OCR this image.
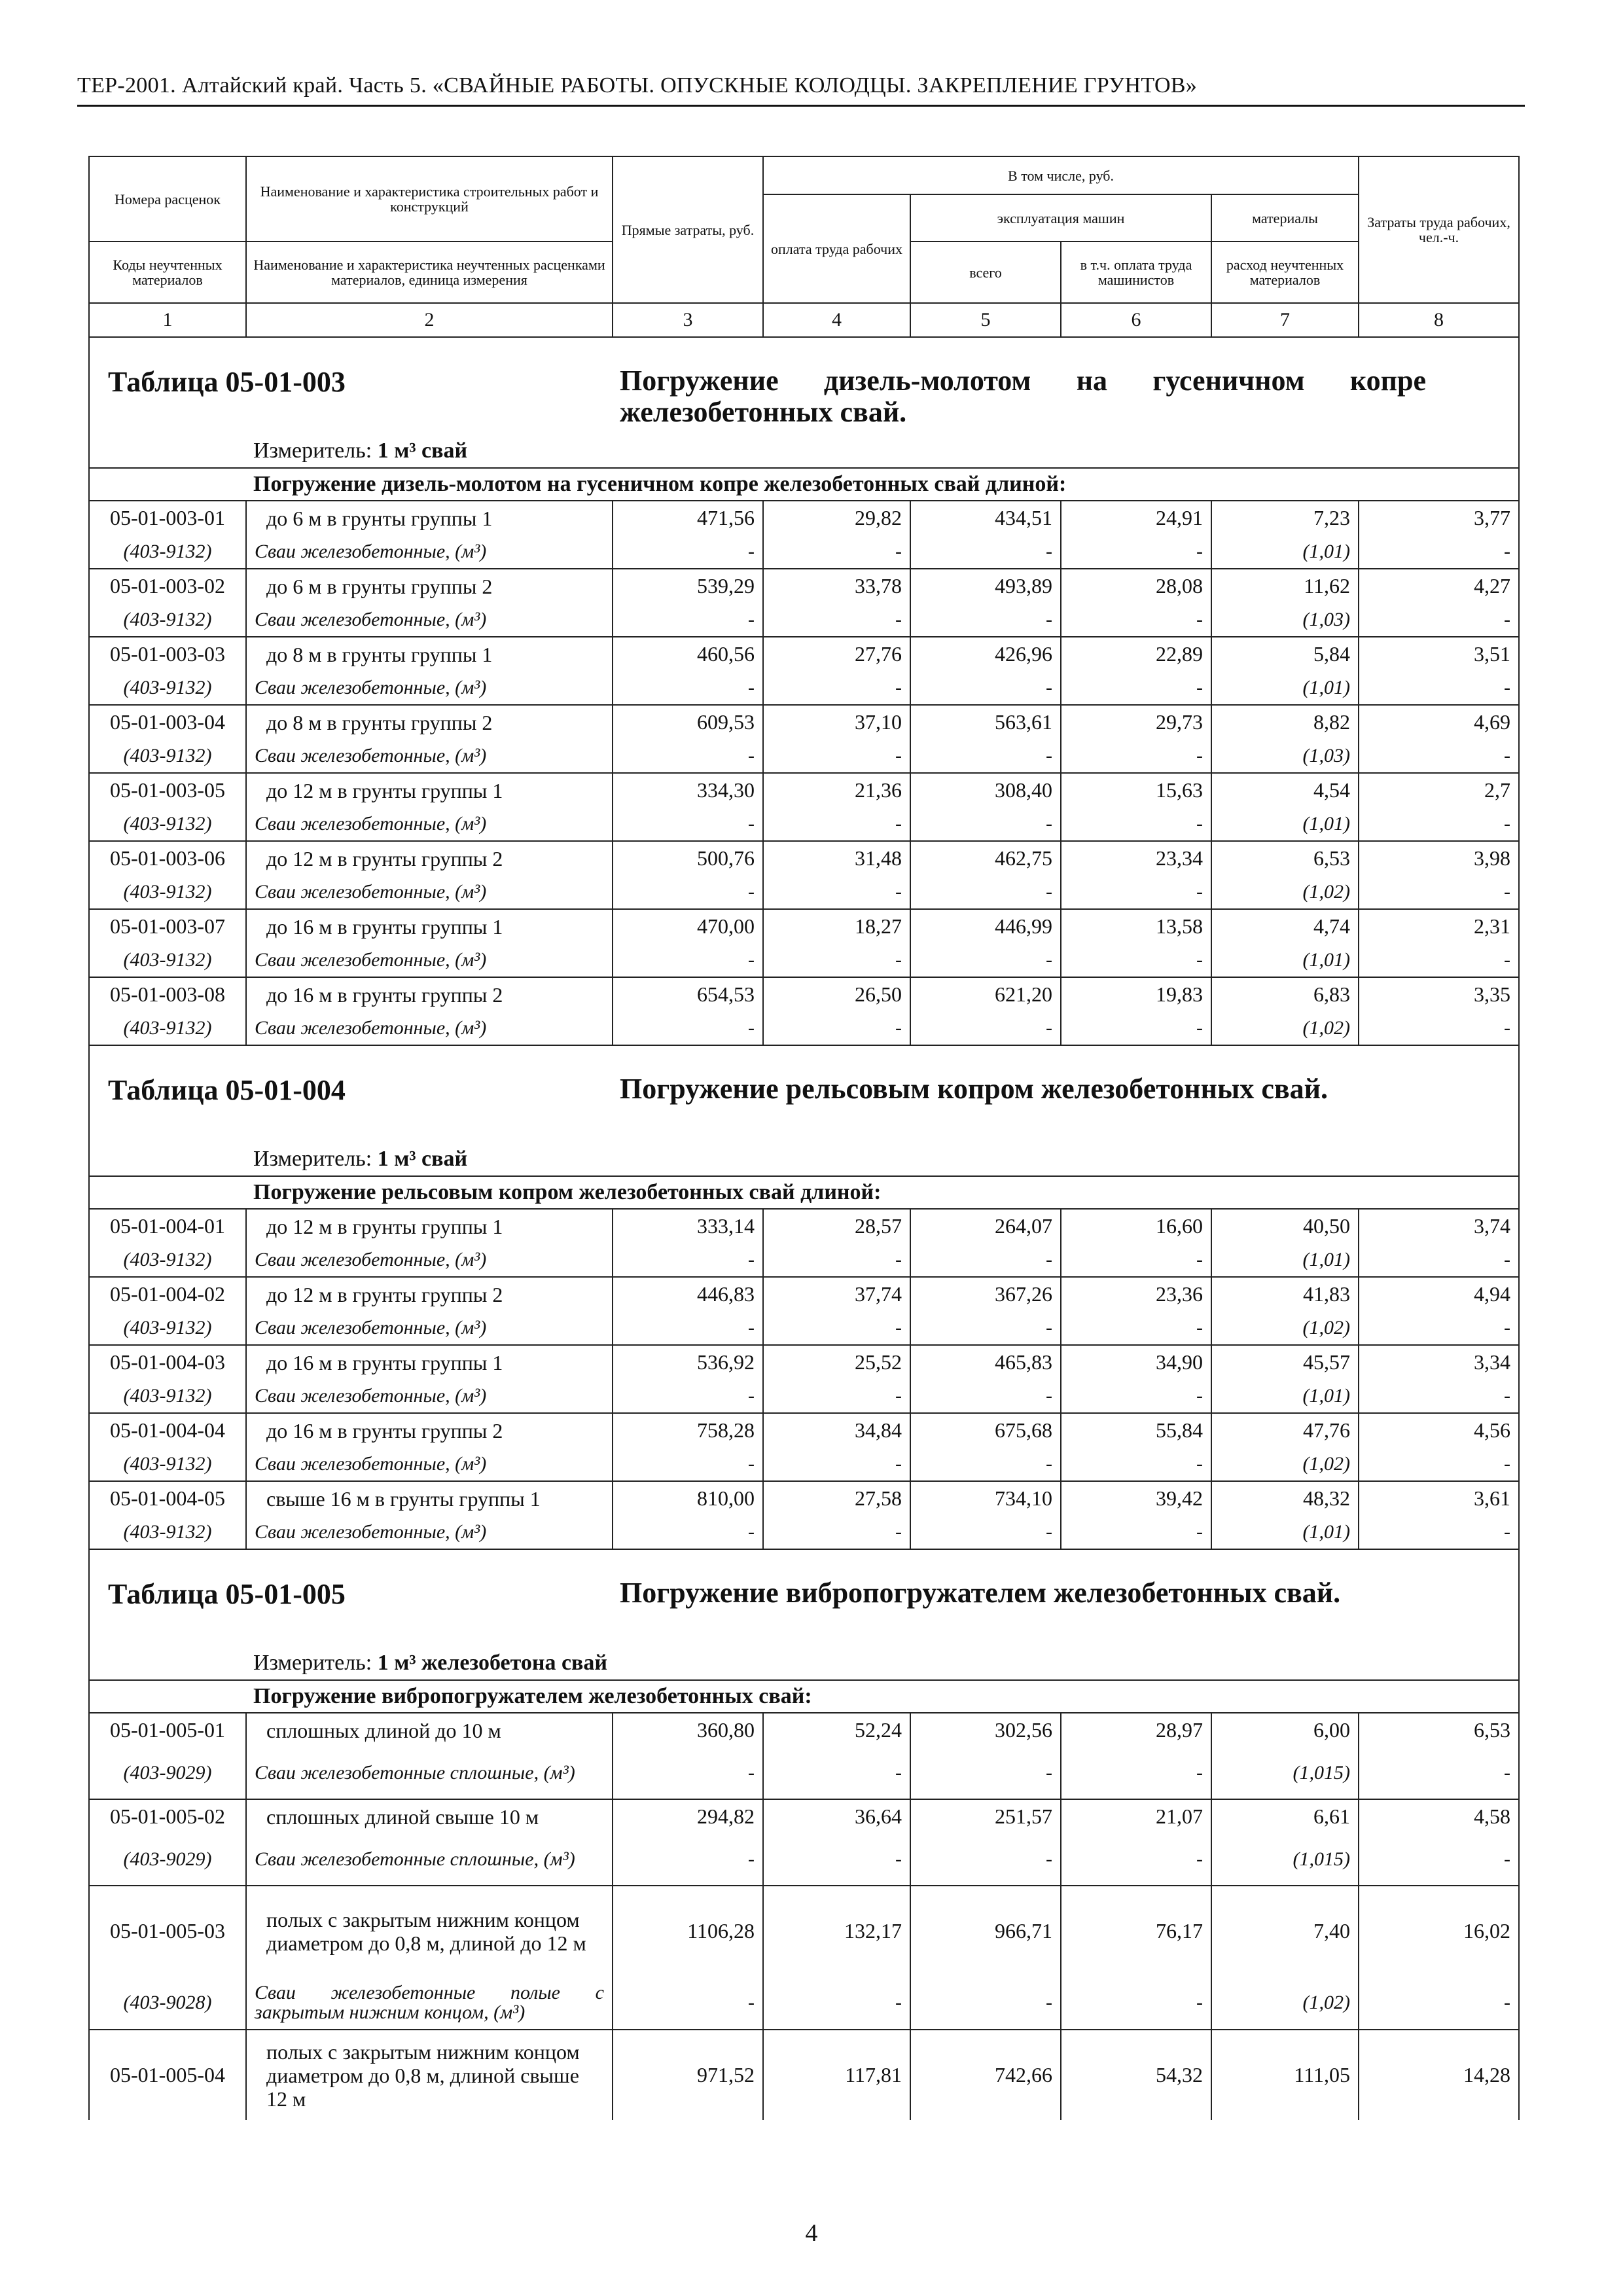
ТЕР-2001. Алтайский край. Часть 5. «СВАЙНЫЕ РАБОТЫ. ОПУСКНЫЕ КОЛОДЦЫ. ЗАКРЕПЛЕНИЕ ГРУНТОВ»
Номера расценок	Наименование и характеристика строительных работ и конструкций	Прямые затраты, руб.	В том числе, руб.				Затраты труда рабочих, чел.-ч.
			оплата труда рабочих	эксплуатация машин		материалы	
Коды неучтенных материалов	Наименование и характеристика неучтенных расценками материалов, единица измерения			всего	в т.ч. оплата труда машинистов	расход неучтенных материалов	
1	2	3	4	5	6	7	8

Таблица 05-01-003 Погружение дизель-молотом на гусеничном копре железобетонных свай.
Измеритель: 1 м³ свай							

Погружение дизель-молотом на гусеничном копре железобетонных свай длиной:							
05-01-003-01	до 6 м в грунты группы 1	471,56	29,82	434,51	24,91	7,23	3,77
(403-9132)	Сваи железобетонные, (м³)	-	-	-	-	(1,01)	-
05-01-003-02	до 6 м в грунты группы 2	539,29	33,78	493,89	28,08	11,62	4,27
(403-9132)	Сваи железобетонные, (м³)	-	-	-	-	(1,03)	-
05-01-003-03	до 8 м в грунты группы 1	460,56	27,76	426,96	22,89	5,84	3,51
(403-9132)	Сваи железобетонные, (м³)	-	-	-	-	(1,01)	-
05-01-003-04	до 8 м в грунты группы 2	609,53	37,10	563,61	29,73	8,82	4,69
(403-9132)	Сваи железобетонные, (м³)	-	-	-	-	(1,03)	-
05-01-003-05	до 12 м в грунты группы 1	334,30	21,36	308,40	15,63	4,54	2,7
(403-9132)	Сваи железобетонные, (м³)	-	-	-	-	(1,01)	-
05-01-003-06	до 12 м в грунты группы 2	500,76	31,48	462,75	23,34	6,53	3,98
(403-9132)	Сваи железобетонные, (м³)	-	-	-	-	(1,02)	-
05-01-003-07	до 16 м в грунты группы 1	470,00	18,27	446,99	13,58	4,74	2,31
(403-9132)	Сваи железобетонные, (м³)	-	-	-	-	(1,01)	-
05-01-003-08	до 16 м в грунты группы 2	654,53	26,50	621,20	19,83	6,83	3,35
(403-9132)	Сваи железобетонные, (м³)	-	-	-	-	(1,02)	-

Таблица 05-01-004 Погружение рельсовым копром железобетонных свай.
Измеритель: 1 м³ свай							

Погружение рельсовым копром железобетонных свай длиной:							
05-01-004-01	до 12 м в грунты группы 1	333,14	28,57	264,07	16,60	40,50	3,74
(403-9132)	Сваи железобетонные, (м³)	-	-	-	-	(1,01)	-
05-01-004-02	до 12 м в грунты группы 2	446,83	37,74	367,26	23,36	41,83	4,94
(403-9132)	Сваи железобетонные, (м³)	-	-	-	-	(1,02)	-
05-01-004-03	до 16 м в грунты группы 1	536,92	25,52	465,83	34,90	45,57	3,34
(403-9132)	Сваи железобетонные, (м³)	-	-	-	-	(1,01)	-
05-01-004-04	до 16 м в грунты группы 2	758,28	34,84	675,68	55,84	47,76	4,56
(403-9132)	Сваи железобетонные, (м³)	-	-	-	-	(1,02)	-
05-01-004-05	свыше 16 м в грунты группы 1	810,00	27,58	734,10	39,42	48,32	3,61
(403-9132)	Сваи железобетонные, (м³)	-	-	-	-	(1,01)	-

Таблица 05-01-005 Погружение вибропогружателем железобетонных свай.
Измеритель: 1 м³ железобетона свай							

Погружение вибропогружателем железобетонных свай:							
05-01-005-01	сплошных длиной до 10 м	360,80	52,24	302,56	28,97	6,00	6,53
(403-9029)	Сваи железобетонные сплошные, (м³)	-	-	-	-	(1,015)	-
05-01-005-02	сплошных длиной свыше 10 м	294,82	36,64	251,57	21,07	6,61	4,58
(403-9029)	Сваи железобетонные сплошные, (м³)	-	-	-	-	(1,015)	-
05-01-005-03	полых с закрытым нижним концом диаметром до 0,8 м, длиной до 12 м	1106,28	132,17	966,71	76,17	7,40	16,02
(403-9028)	Сваи железобетонные полые с закрытым нижним концом, (м³)	-	-	-	-	(1,02)	-
05-01-005-04	полых с закрытым нижним концом диаметром до 0,8 м, длиной свыше 12 м	971,52	117,81	742,66	54,32	111,05	14,28
4
